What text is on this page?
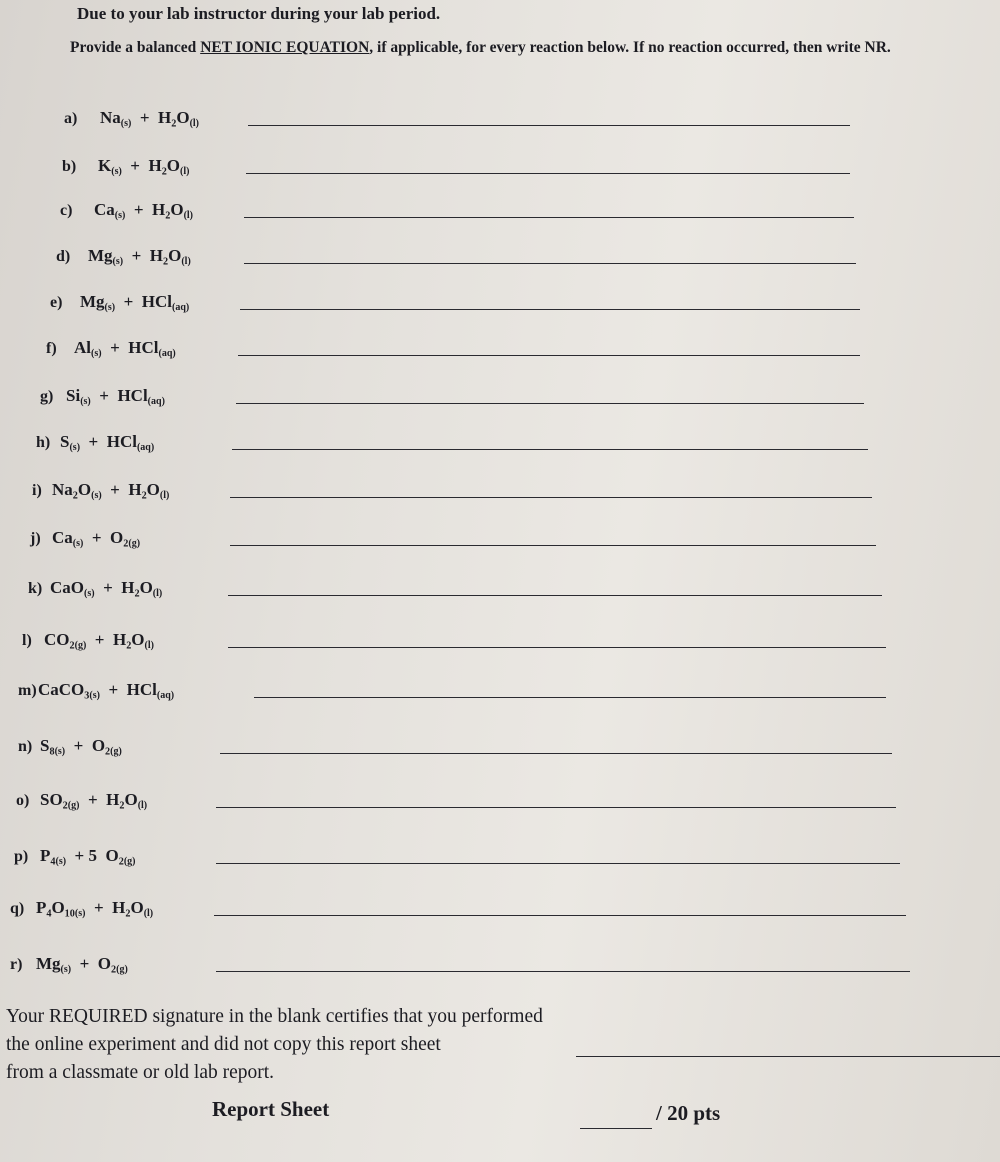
Due to your lab instructor during your lab period.
Provide a balanced NET IONIC EQUATION, if applicable, for every reaction below. If no reaction occurred, then write NR.
a) $Na_{(s)} + H_2O_{(l)}$
b) $K_{(s)} + H_2O_{(l)}$
c) $Ca_{(s)} + H_2O_{(l)}$
d) $Mg_{(s)} + H_2O_{(l)}$
e) $Mg_{(s)} + HCl_{(aq)}$
f) $Al_{(s)} + HCl_{(aq)}$
g) $Si_{(s)} + HCl_{(aq)}$
h) $S_{(s)} + HCl_{(aq)}$
i) $Na_2O_{(s)} + H_2O_{(l)}$
j) $Ca_{(s)} + O_2_{(g)}$
k) $CaO_{(s)} + H_2O_{(l)}$
l) $CO_2_{(g)} + H_2O_{(l)}$
m) $CaCO_3_{(s)} + HCl_{(aq)}$
n) $S_8_{(s)} + O_2_{(g)}$
o) $SO_2_{(g)} + H_2O_{(l)}$
p) $P_4_{(s)} + 5$ $O_2_{(g)}$
q) $P_4O_{10}_{(s)} + H_2O_{(l)}$
r) $Mg_{(s)} + O_2_{(g)}$
Your REQUIRED signature in the blank certifies that you performed
the online experiment and did not copy this report sheet
from a classmate or old lab report.
Report Sheet	/ 20 pts
